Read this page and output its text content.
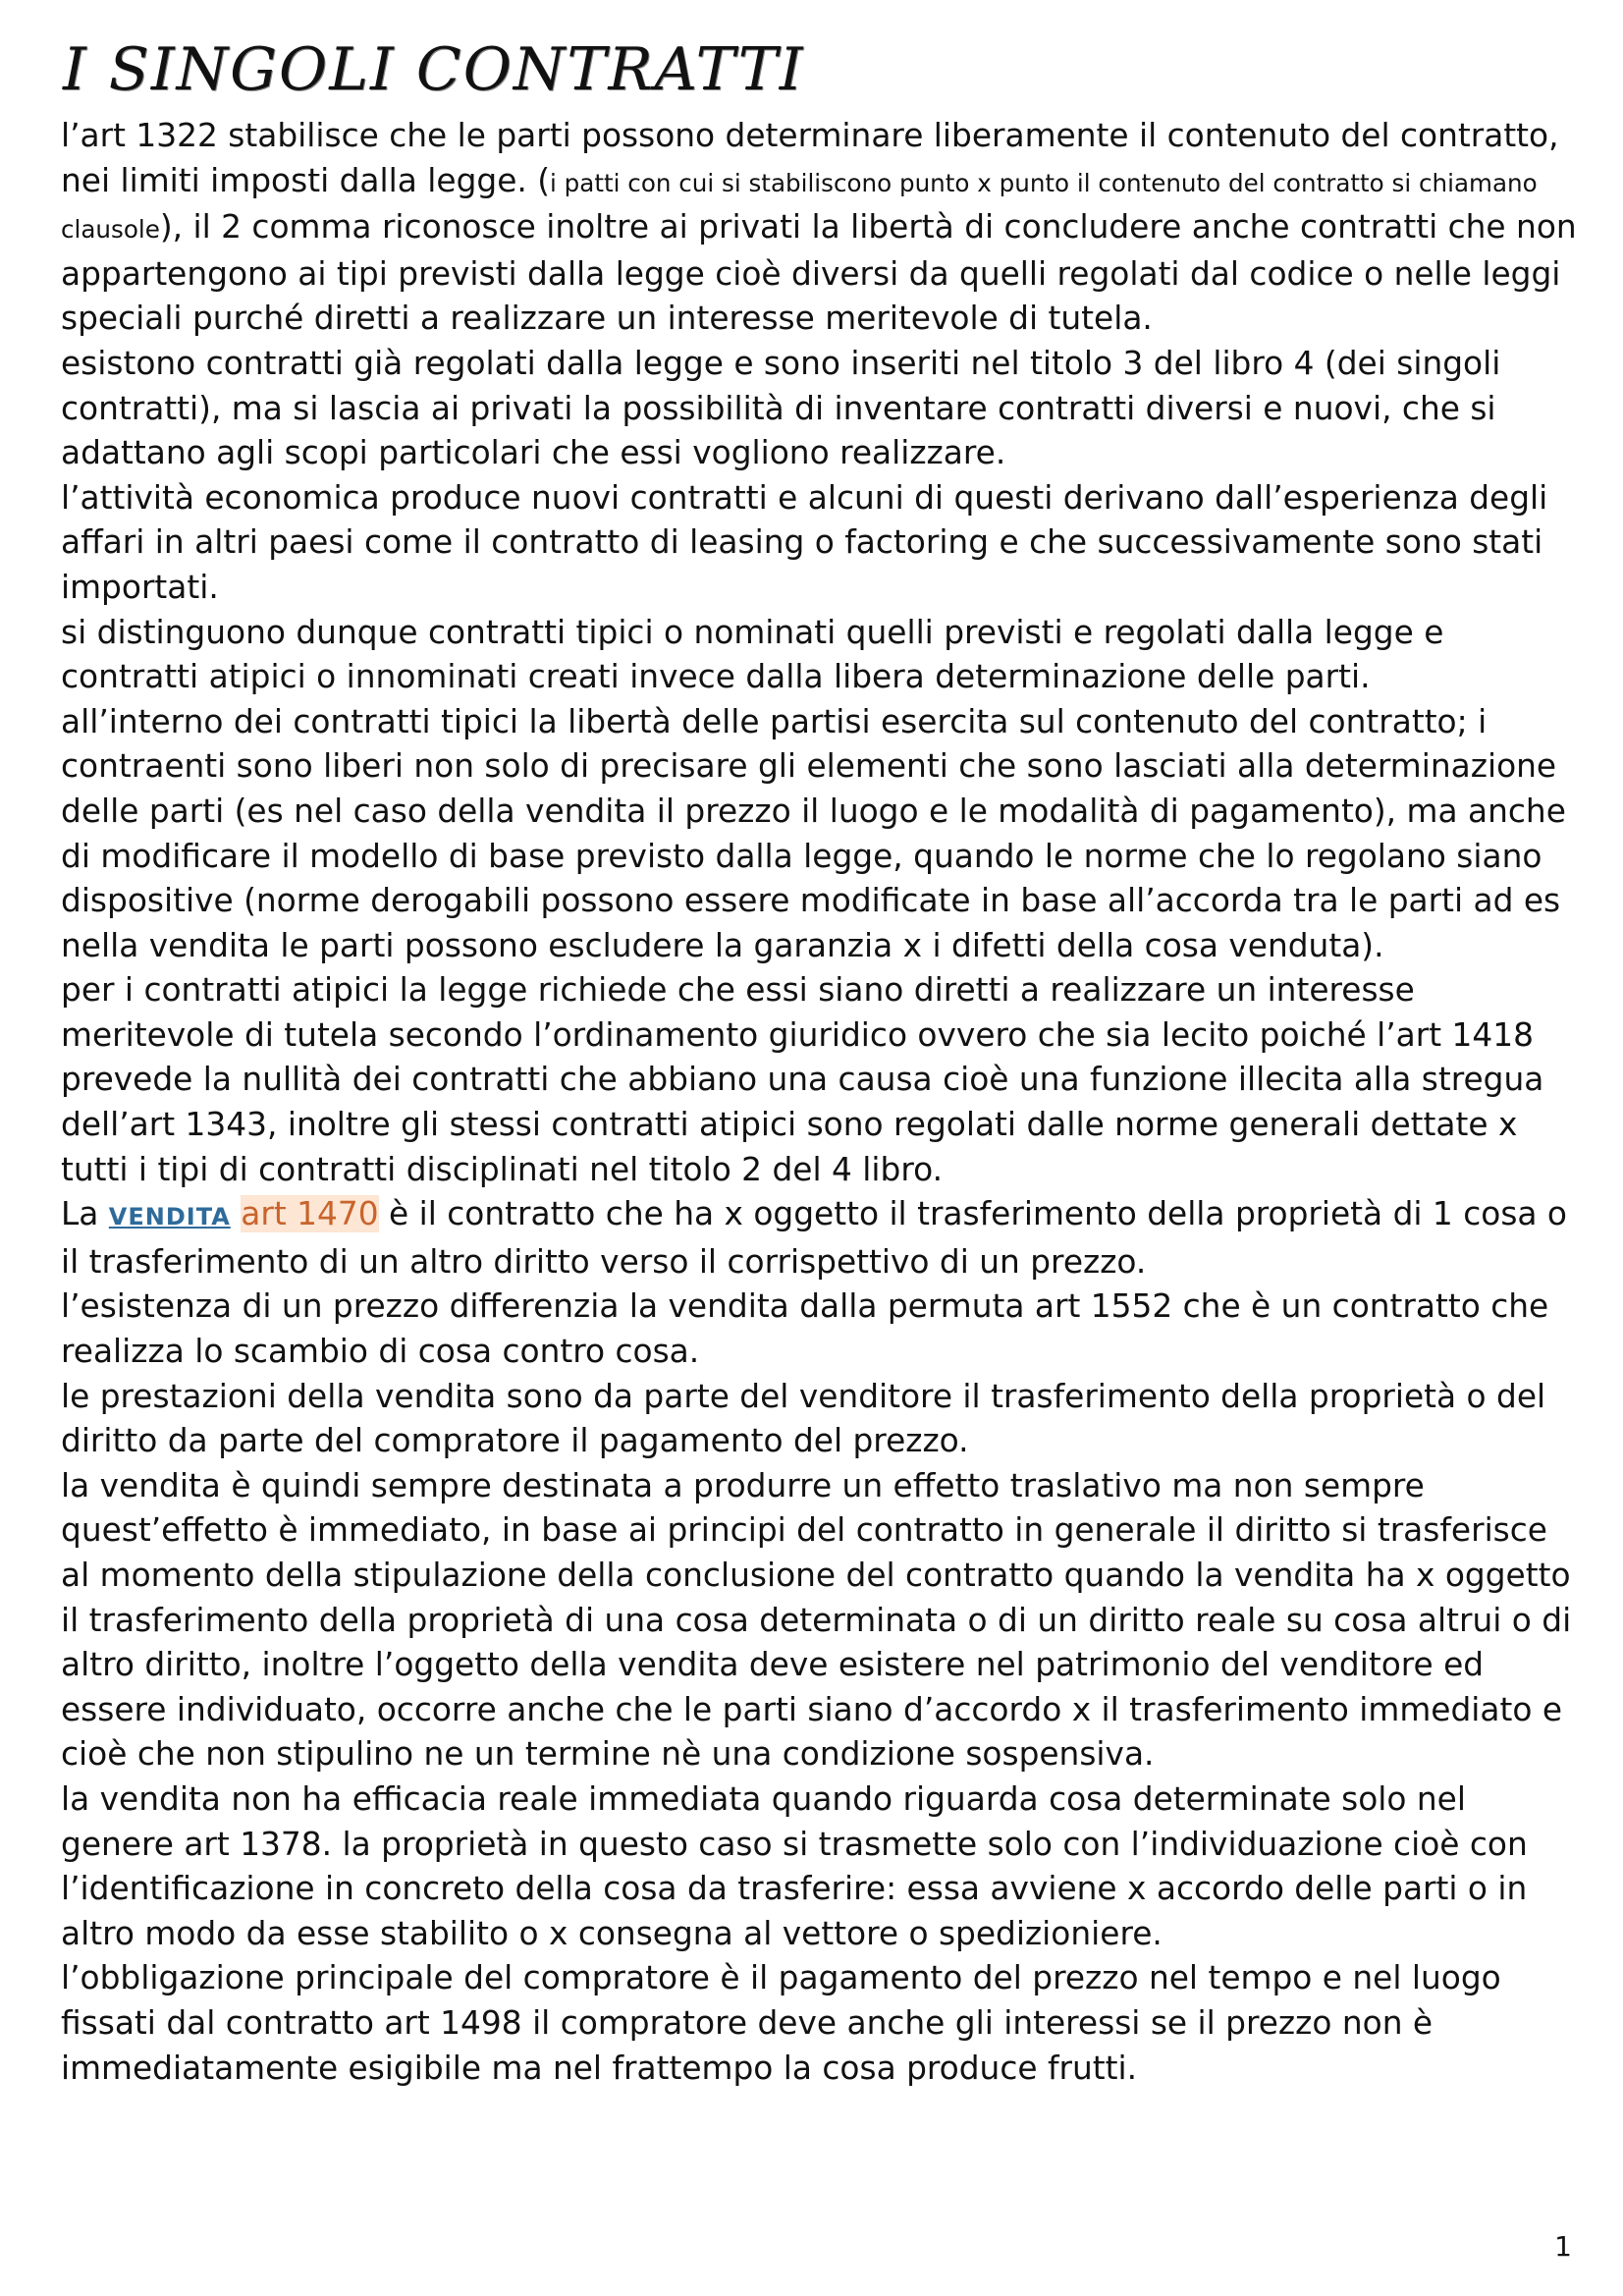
I SINGOLI CONTRATTI

l’art 1322 stabilisce che le parti possono determinare liberamente il contenuto del contratto, nei limiti imposti dalla legge. (i patti con cui si stabiliscono punto x punto il contenuto del contratto si chiamano clausole), il 2 comma riconosce inoltre ai privati la libertà di concludere anche contratti che non appartengono ai tipi previsti dalla legge cioè diversi da quelli regolati dal codice o nelle leggi speciali purché diretti a realizzare un interesse meritevole di tutela.

esistono contratti già regolati dalla legge e sono inseriti nel titolo 3 del libro 4 (dei singoli contratti), ma si lascia ai privati la possibilità di inventare contratti diversi e nuovi, che si adattano agli scopi particolari che essi vogliono realizzare.

l’attività economica produce nuovi contratti e alcuni di questi derivano dall’esperienza degli affari in altri paesi come il contratto di leasing o factoring e che successivamente sono stati importati.

si distinguono dunque contratti tipici o nominati quelli previsti e regolati dalla legge e contratti atipici o innominati creati invece dalla libera determinazione delle parti.

all’interno dei contratti tipici la libertà delle partisi esercita sul contenuto del contratto; i contraenti sono liberi non solo di precisare gli elementi che sono lasciati alla determinazione delle parti (es nel caso della vendita il prezzo il luogo e le modalità di pagamento), ma anche di modificare il modello di base previsto dalla legge, quando le norme che lo regolano siano dispositive (norme derogabili possono essere modificate in base all’accorda tra le parti ad es nella vendita le parti possono escludere la garanzia x i difetti della cosa venduta).

per i contratti atipici la legge richiede che essi siano diretti a realizzare un interesse meritevole di tutela secondo l’ordinamento giuridico ovvero che sia lecito poiché l’art 1418 prevede la nullità dei contratti che abbiano una causa cioè una funzione illecita alla stregua dell’art 1343, inoltre gli stessi contratti atipici sono regolati dalle norme generali dettate x tutti i tipi di contratti disciplinati nel titolo 2 del 4 libro.

La VENDITA art 1470 è il contratto che ha x oggetto il trasferimento della proprietà di 1 cosa o il trasferimento di un altro diritto verso il corrispettivo di un prezzo.

l’esistenza di un prezzo differenzia la vendita dalla permuta art 1552 che è un contratto che realizza lo scambio di cosa contro cosa.

le prestazioni della vendita sono da parte del venditore il trasferimento della proprietà o del diritto da parte del compratore il pagamento del prezzo.

la vendita è quindi sempre destinata a produrre un effetto traslativo ma non sempre quest’effetto è immediato, in base ai principi del contratto in generale il diritto si trasferisce al momento della stipulazione della conclusione del contratto quando la vendita ha x oggetto il trasferimento della proprietà di una cosa determinata o di un diritto reale su cosa altrui o di altro diritto, inoltre l’oggetto della vendita deve esistere nel patrimonio del venditore ed essere individuato, occorre anche che le parti siano d’accordo x il trasferimento immediato e cioè che non stipulino ne un termine nè una condizione sospensiva.

la vendita non ha efficacia reale immediata quando riguarda cosa determinate solo nel genere art 1378. la proprietà in questo caso si trasmette solo con l’individuazione cioè con l’identificazione in concreto della cosa da trasferire: essa avviene x accordo delle parti o in altro modo da esse stabilito o x consegna al vettore o spedizioniere.

l’obbligazione principale del compratore è il pagamento del prezzo nel tempo e nel luogo fissati dal contratto art 1498 il compratore deve anche gli interessi se il prezzo non è immediatamente esigibile ma nel frattempo la cosa produce frutti.

1
